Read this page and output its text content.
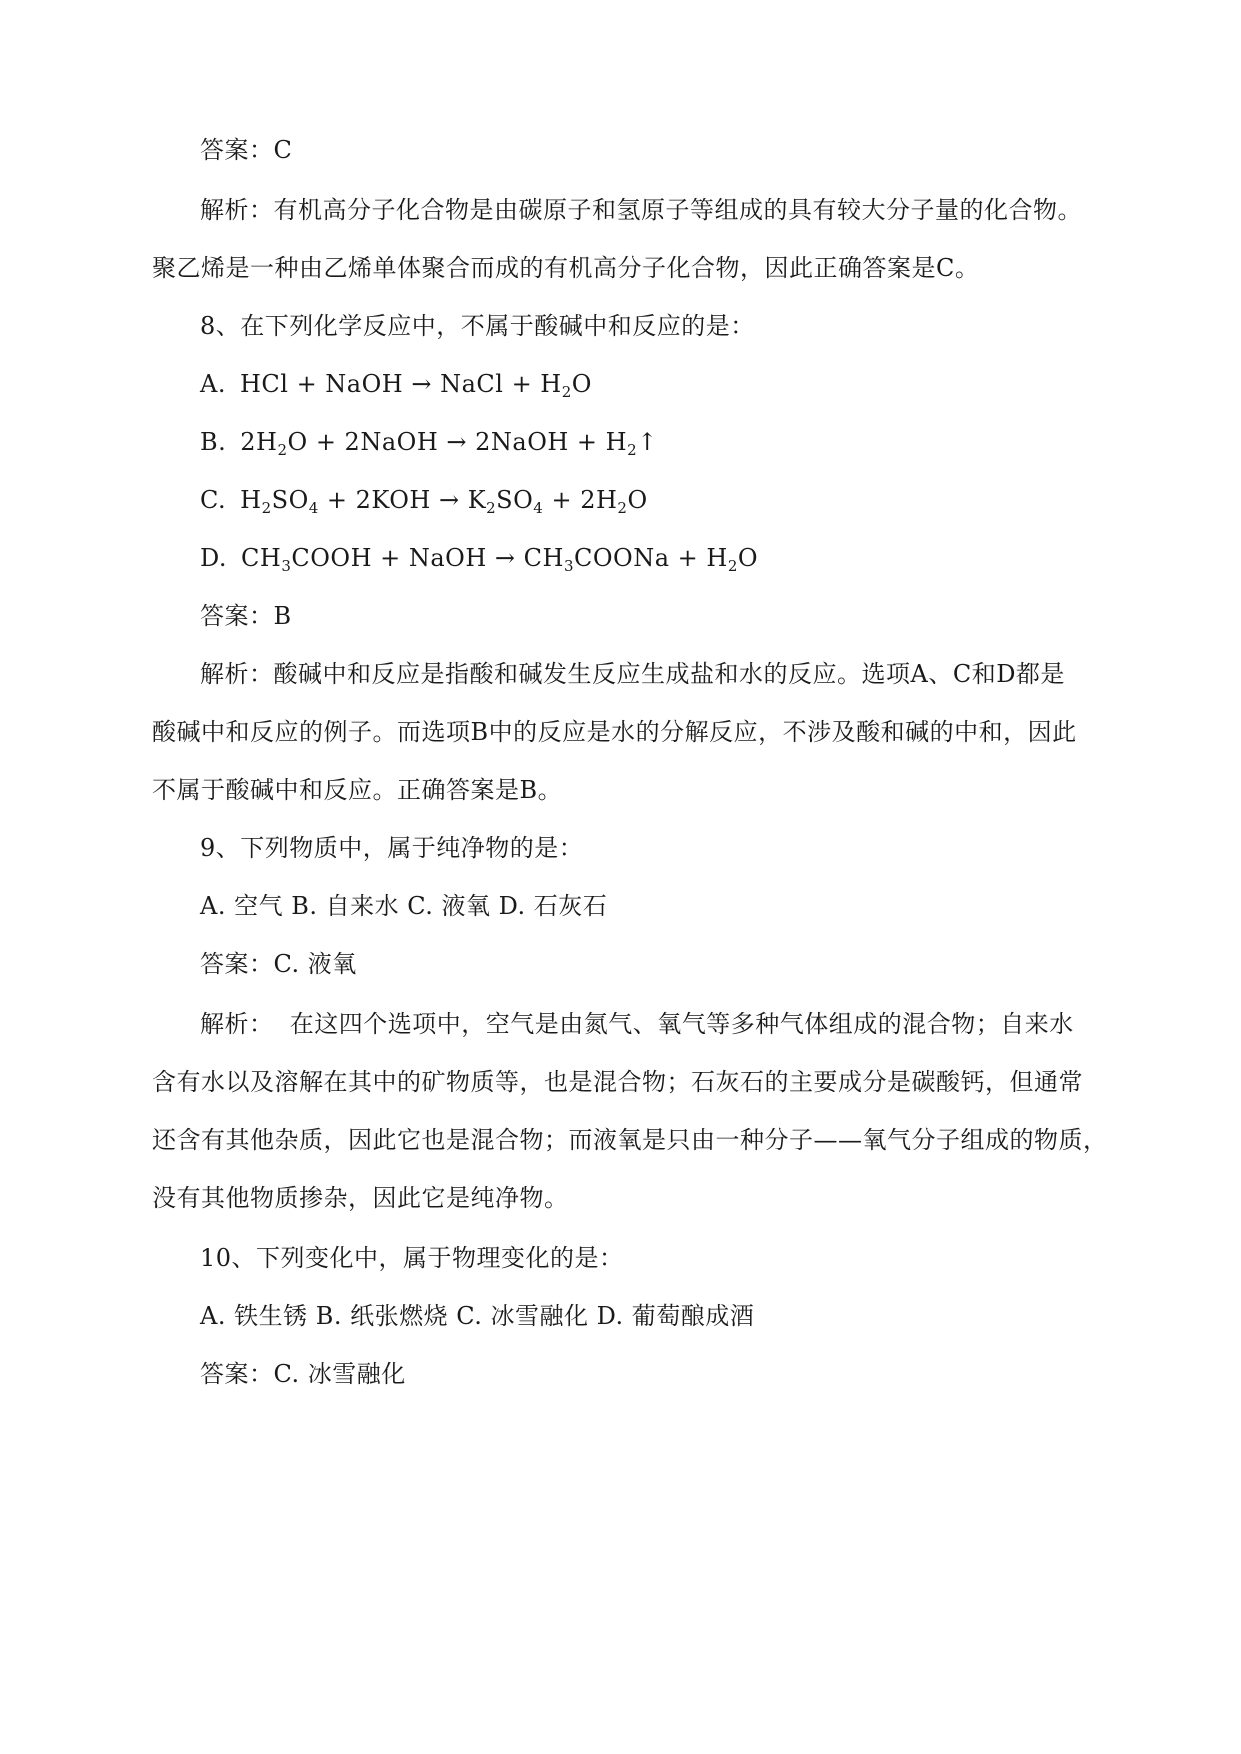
答案：C
解析：有机高分子化合物是由碳原子和氢原子等组成的具有较大分子量的化合物。
聚乙烯是一种由乙烯单体聚合而成的有机高分子化合物，因此正确答案是C。
8、在下列化学反应中，不属于酸碱中和反应的是：
A. HCl + NaOH → NaCl + $H_2O$
B. $2H_2O$ + 2NaOH → 2NaOH + $H_2↑$
C. $H_2SO_4 + 2KOH \to K_2SO_4 + 2H_2O$
D. $CH_3COOH$ + NaOH → $CH_3COONa + H_2O$
答案：B
解析：酸碱中和反应是指酸和碱发生反应生成盐和水的反应。选项A、C和D都是
酸碱中和反应的例子。而选项B中的反应是水的分解反应，不涉及酸和碱的中和，因此
不属于酸碱中和反应。正确答案是B。
9、下列物质中，属于纯净物的是：
A. 空气 B. 自来水 C. 液氧 D. 石灰石
答案：C. 液氧
解析：  在这四个选项中，空气是由氮气、氧气等多种气体组成的混合物；自来水
含有水以及溶解在其中的矿物质等，也是混合物；石灰石的主要成分是碳酸钙，但通常
还含有其他杂质，因此它也是混合物；而液氧是只由一种分子——氧气分子组成的物质，
没有其他物质掺杂，因此它是纯净物。
10、下列变化中，属于物理变化的是：
A. 铁生锈 B. 纸张燃烧 C. 冰雪融化 D. 葡萄酿成酒
答案：C. 冰雪融化
